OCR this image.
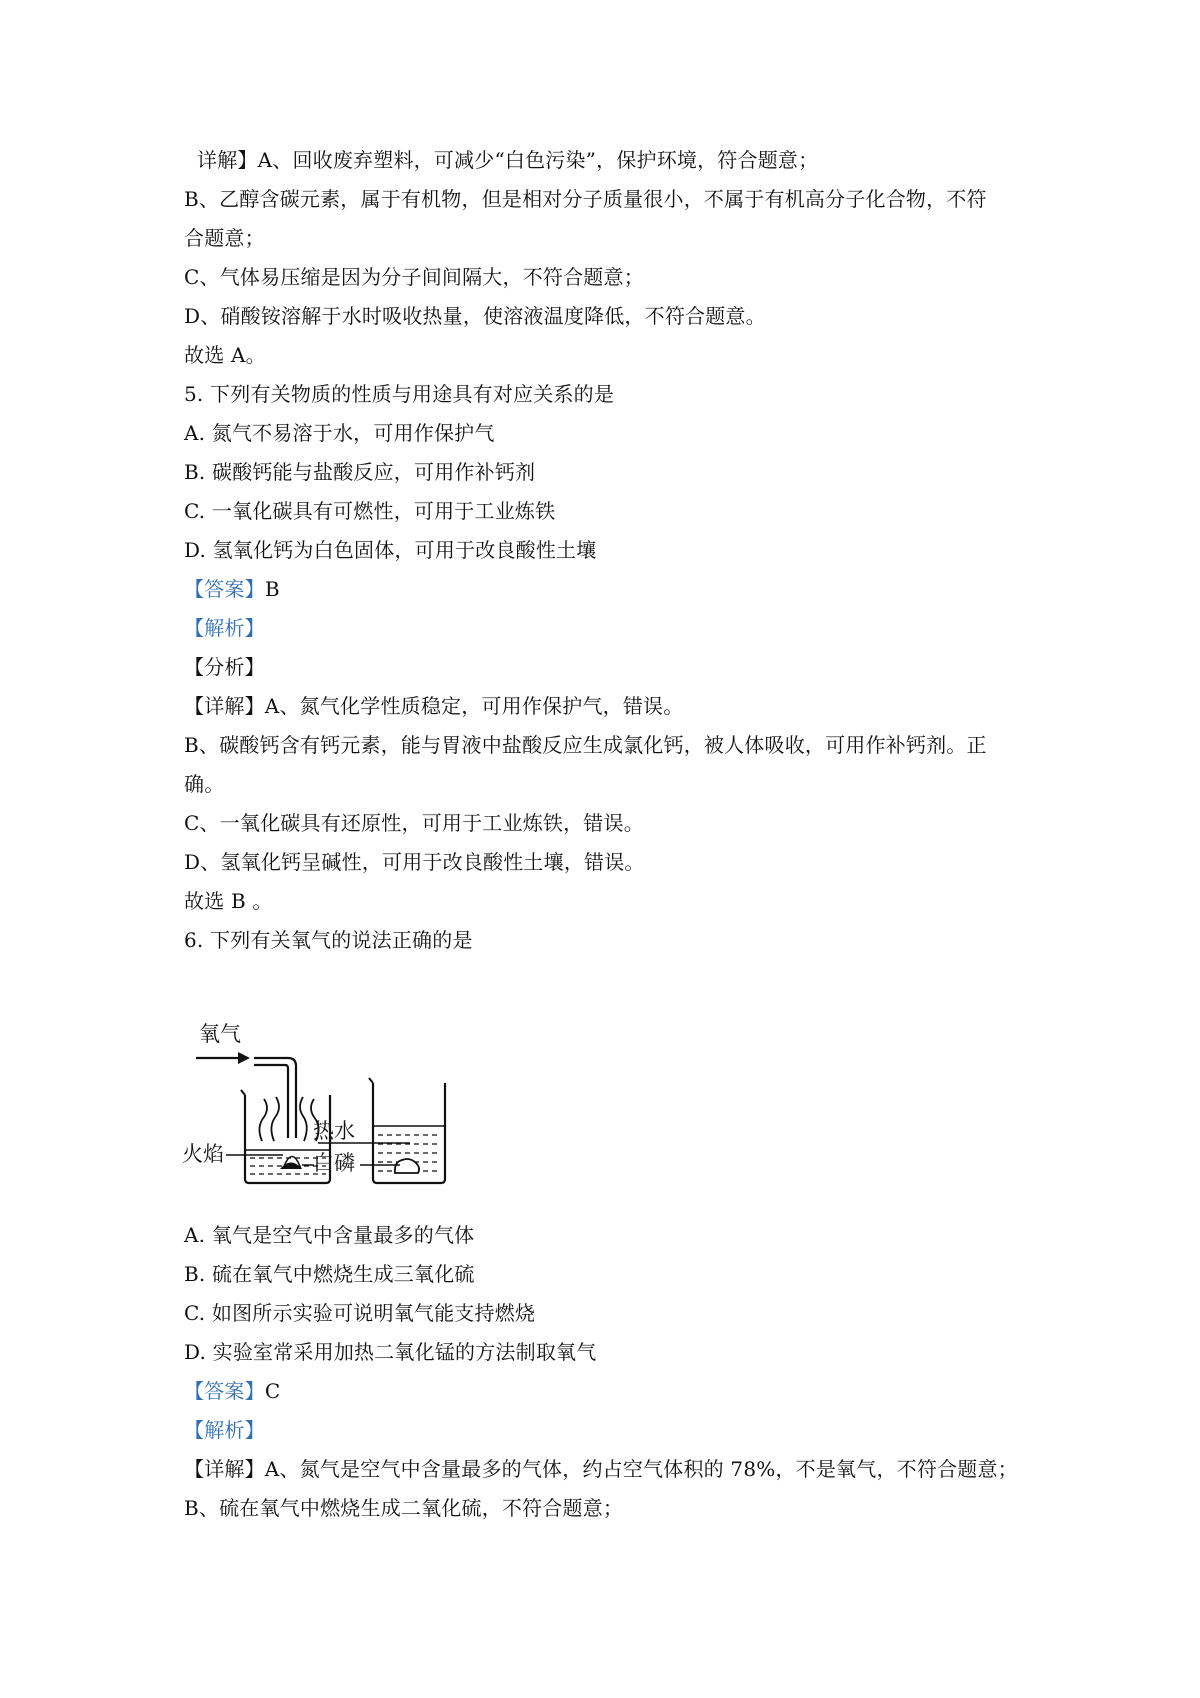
详解】A、回收废弃塑料，可减少“白色污染”，保护环境，符合题意；
B、乙醇含碳元素，属于有机物，但是相对分子质量很小，不属于有机高分子化合物，不符
合题意；
C、气体易压缩是因为分子间间隔大，不符合题意；
D、硝酸铵溶解于水时吸收热量，使溶液温度降低，不符合题意。
故选 A。
5. 下列有关物质的性质与用途具有对应关系的是
A. 氮气不易溶于水，可用作保护气
B. 碳酸钙能与盐酸反应，可用作补钙剂
C. 一氧化碳具有可燃性，可用于工业炼铁
D. 氢氧化钙为白色固体，可用于改良酸性土壤
【答案】B
【解析】
【分析】
【详解】A、氮气化学性质稳定，可用作保护气，错误。
B、碳酸钙含有钙元素，能与胃液中盐酸反应生成氯化钙，被人体吸收，可用作补钙剂。正
确。
C、一氧化碳具有还原性，可用于工业炼铁，错误。
D、氢氧化钙呈碱性，可用于改良酸性土壤，错误。
故选 B 。
6. 下列有关氧气的说法正确的是
氧气
热水
白磷
火焰
A. 氧气是空气中含量最多的气体
B. 硫在氧气中燃烧生成三氧化硫
C. 如图所示实验可说明氧气能支持燃烧
D. 实验室常采用加热二氧化锰的方法制取氧气
【答案】C
【解析】
【详解】A、氮气是空气中含量最多的气体，约占空气体积的 78%，不是氧气，不符合题意；
B、硫在氧气中燃烧生成二氧化硫，不符合题意；
